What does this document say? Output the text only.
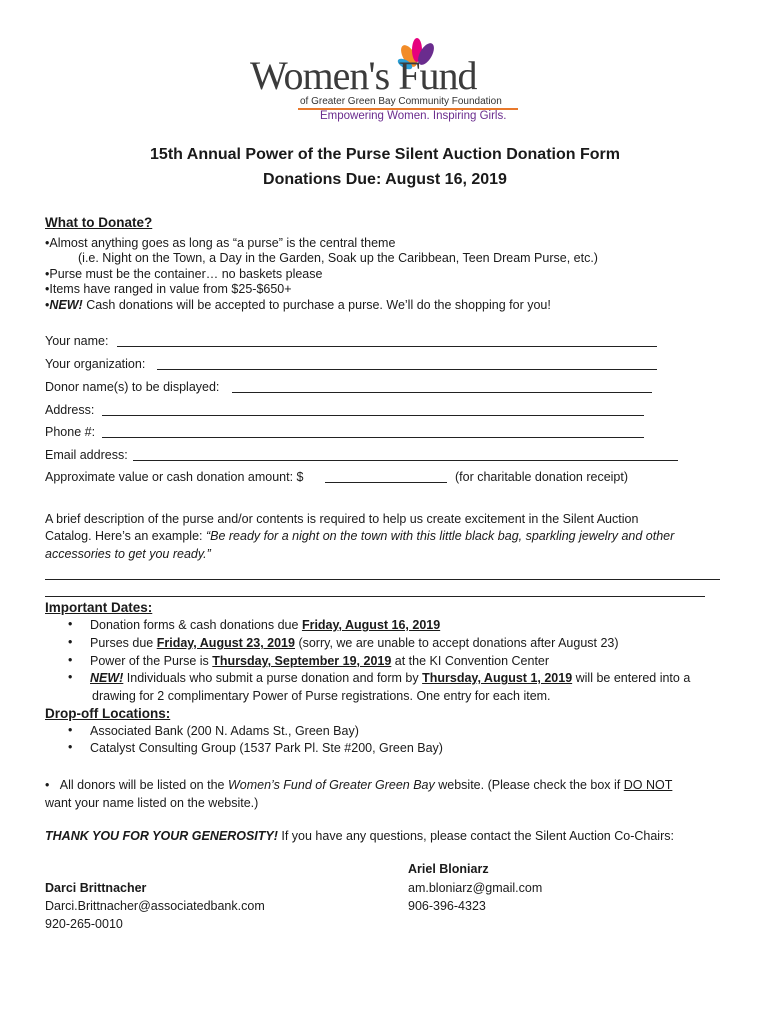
Women's Fund
of Greater Green Bay Community Foundation
Empowering Women. Inspiring Girls.
15th Annual Power of the Purse Silent Auction Donation Form
Donations Due: August 16, 2019
What to Donate?
•Almost anything goes as long as “a purse” is the central theme
(i.e. Night on the Town, a Day in the Garden, Soak up the Caribbean, Teen Dream Purse, etc.)
•Purse must be the container… no baskets please
•Items have ranged in value from $25-$650+
•NEW! Cash donations will be accepted to purchase a purse. We’ll do the shopping for you!
Your name:
Your organization:
Donor name(s) to be displayed:
Address:
Phone #:
Email address:
Approximate value or cash donation amount: $	(for charitable donation receipt)
A brief description of the purse and/or contents is required to help us create excitement in the Silent Auction
Catalog. Here’s an example: “Be ready for a night on the town with this little black bag, sparkling jewelry and other
accessories to get you ready.”
Important Dates:
• Donation forms & cash donations due Friday, August 16, 2019
• Purses due Friday, August 23, 2019 (sorry, we are unable to accept donations after August 23)
• Power of the Purse is Thursday, September 19, 2019 at the KI Convention Center
• NEW! Individuals who submit a purse donation and form by Thursday, August 1, 2019 will be entered into a
drawing for 2 complimentary Power of Purse registrations. One entry for each item.
Drop-off Locations:
• Associated Bank (200 N. Adams St., Green Bay)
• Catalyst Consulting Group (1537 Park Pl. Ste #200, Green Bay)
•   All donors will be listed on the Women’s Fund of Greater Green Bay website. (Please check the box if DO NOT
want your name listed on the website.)
THANK YOU FOR YOUR GENEROSITY! If you have any questions, please contact the Silent Auction Co-Chairs:
Ariel Bloniarz
am.bloniarz@gmail.com
906-396-4323
Darci Brittnacher
Darci.Brittnacher@associatedbank.com
920-265-0010
